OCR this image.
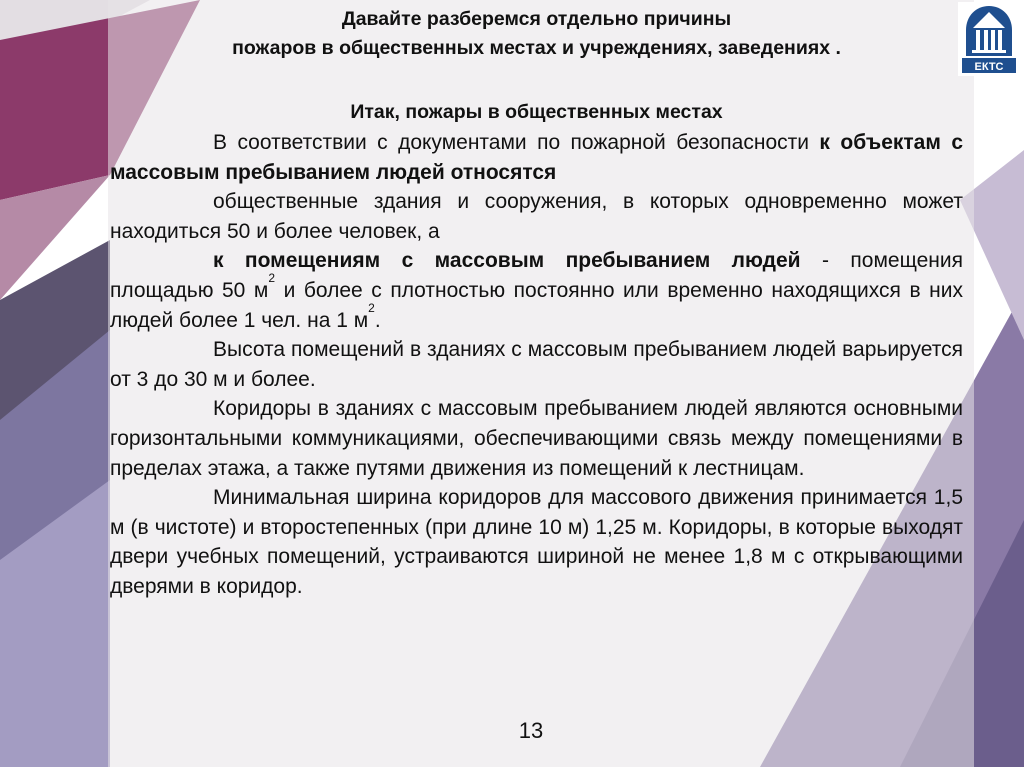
ЕКТС
Давайте разберемся отдельно причины
пожаров в общественных местах и учреждениях, заведениях .
Итак, пожары в общественных местах

В соответствии с документами по пожарной безопасности к объектам с массовым пребыванием людей относятся

общественные здания и сооружения, в которых одновременно может находиться 50 и более человек, а

к помещениям с массовым пребыванием людей - помещения площадью 50 $м^2$ и более с плотностью постоянно или временно находящихся в них людей более 1 чел. на 1 $м^2$.

Высота помещений в зданиях с массовым пребыванием людей варьируется от 3 до 30 м и более.

Коридоры в зданиях с массовым пребыванием людей являются основными горизонтальными коммуникациями, обеспечивающими связь между помещениями в пределах этажа, а также путями движения из помещений к лестницам.

Минимальная ширина коридоров для массового движения принимается 1,5 м (в чистоте) и второстепенных (при длине 10 м) 1,25 м. Коридоры, в которые выходят двери учебных помещений, устраиваются шириной не менее 1,8 м с открывающими дверями в коридор.

13
